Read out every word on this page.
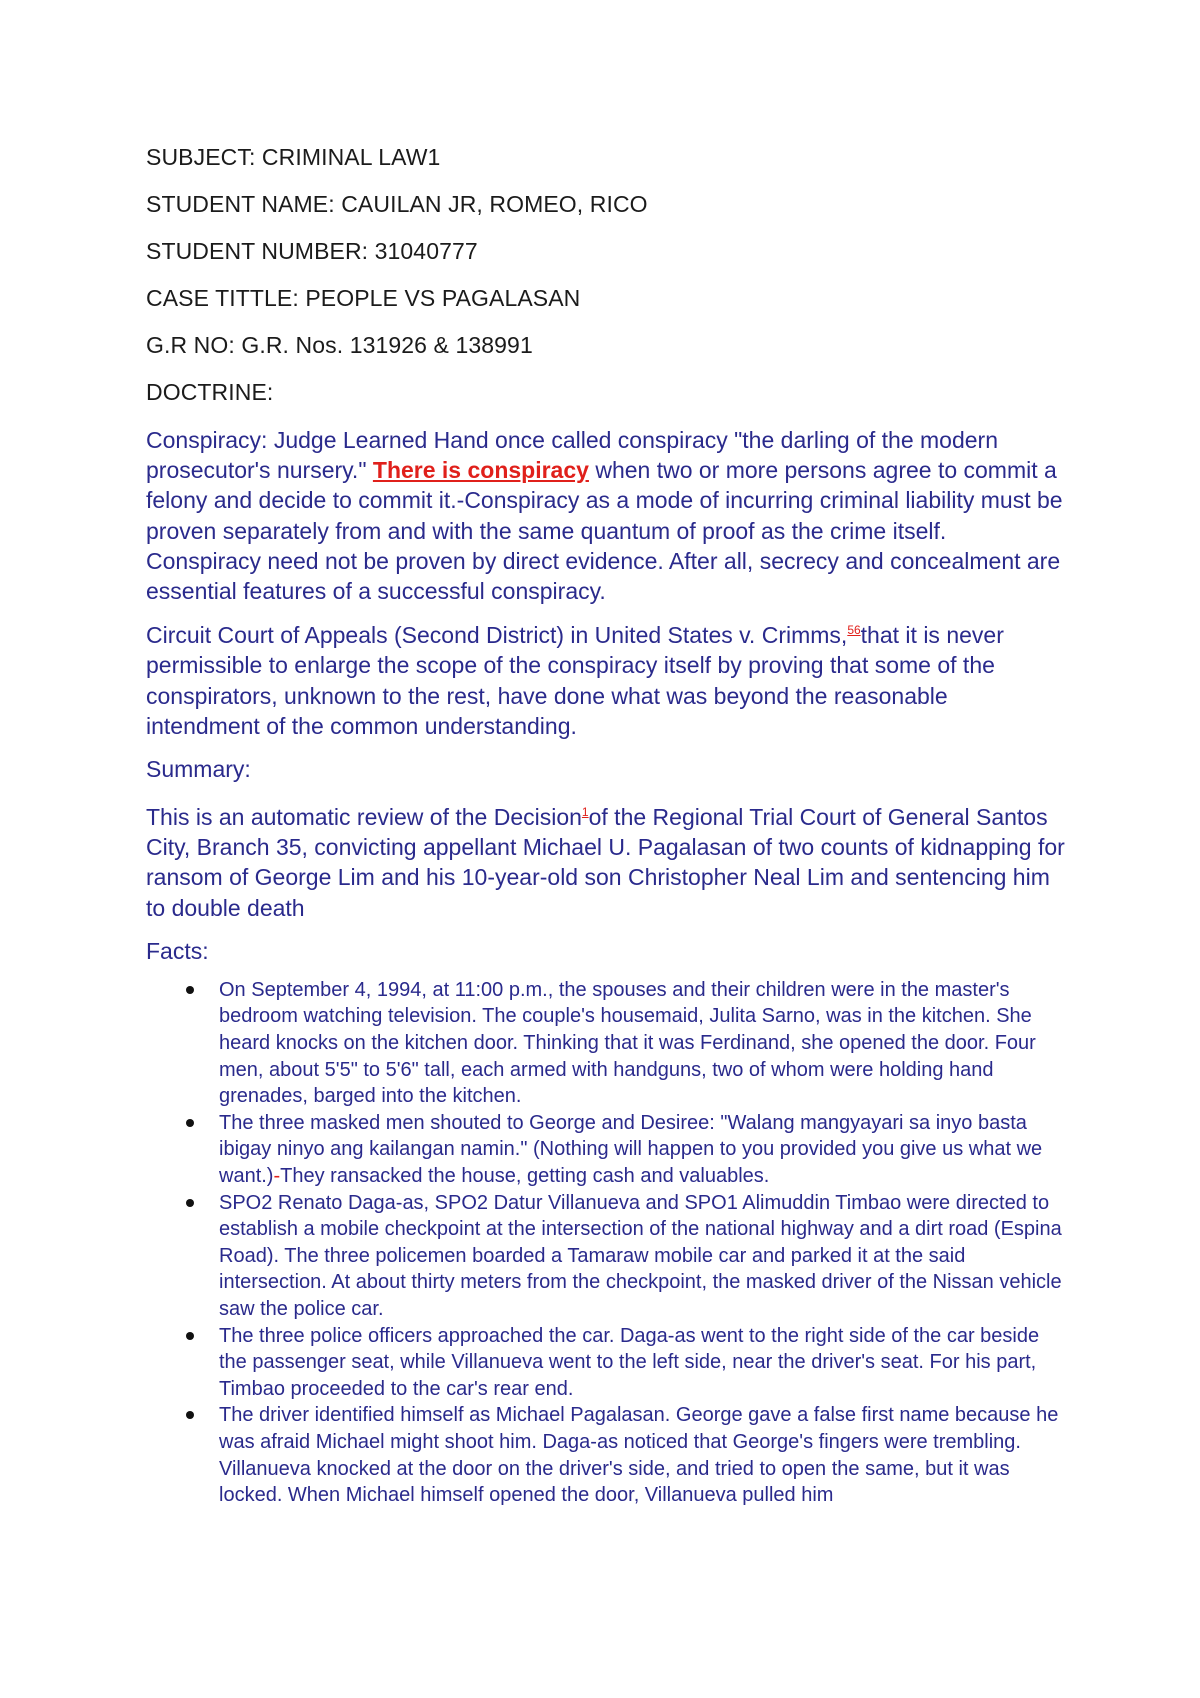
SUBJECT: CRIMINAL LAW1
STUDENT NAME: CAUILAN JR, ROMEO, RICO
STUDENT NUMBER: 31040777
CASE TITTLE: PEOPLE VS PAGALASAN
G.R NO: G.R. Nos. 131926 & 138991
DOCTRINE:

Conspiracy: Judge Learned Hand once called conspiracy "the darling of the modern prosecutor's nursery." There is conspiracy when two or more persons agree to commit a felony and decide to commit it.-Conspiracy as a mode of incurring criminal liability must be proven separately from and with the same quantum of proof as the crime itself. Conspiracy need not be proven by direct evidence. After all, secrecy and concealment are essential features of a successful conspiracy.

Circuit Court of Appeals (Second District) in United States v. Crimms,$^{56}$that it is never permissible to enlarge the scope of the conspiracy itself by proving that some of the conspirators, unknown to the rest, have done what was beyond the reasonable intendment of the common understanding.

Summary:

This is an automatic review of the Decision$^1$of the Regional Trial Court of General Santos City, Branch 35, convicting appellant Michael U. Pagalasan of two counts of kidnapping for ransom of George Lim and his 10-year-old son Christopher Neal Lim and sentencing him to double death

Facts:
On September 4, 1994, at 11:00 p.m., the spouses and their children were in the master's bedroom watching television. The couple's housemaid, Julita Sarno, was in the kitchen. She heard knocks on the kitchen door. Thinking that it was Ferdinand, she opened the door. Four men, about 5'5" to 5'6" tall, each armed with handguns, two of whom were holding hand grenades, barged into the kitchen.
The three masked men shouted to George and Desiree: "Walang mangyayari sa inyo basta ibigay ninyo ang kailangan namin." (Nothing will happen to you provided you give us what we want.)-They ransacked the house, getting cash and valuables.
SPO2 Renato Daga-as, SPO2 Datur Villanueva and SPO1 Alimuddin Timbao were directed to establish a mobile checkpoint at the intersection of the national highway and a dirt road (Espina Road). The three policemen boarded a Tamaraw mobile car and parked it at the said intersection. At about thirty meters from the checkpoint, the masked driver of the Nissan vehicle saw the police car.
The three police officers approached the car. Daga-as went to the right side of the car beside the passenger seat, while Villanueva went to the left side, near the driver's seat. For his part, Timbao proceeded to the car's rear end.
The driver identified himself as Michael Pagalasan. George gave a false first name because he was afraid Michael might shoot him. Daga-as noticed that George's fingers were trembling. Villanueva knocked at the door on the driver's side, and tried to open the same, but it was locked. When Michael himself opened the door, Villanueva pulled him
